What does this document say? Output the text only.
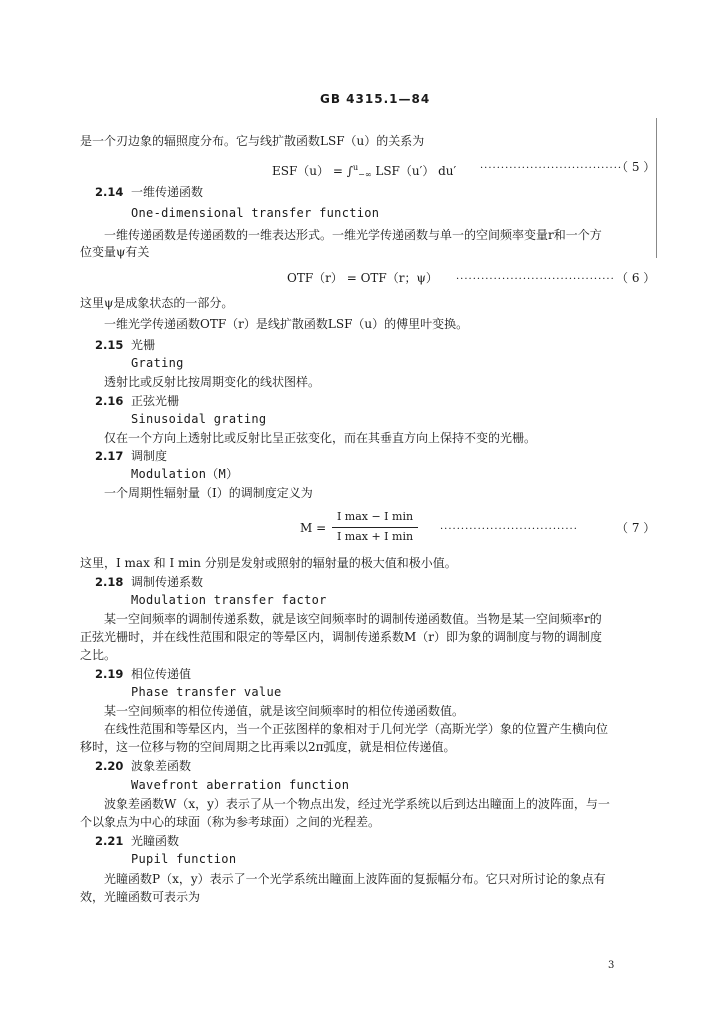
GB 4315.1—84
是一个刃边象的辐照度分布。它与线扩散函数LSF（u）的关系为
ESF（u） = ∫$^u_{-\infty}$ LSF（u′） du′ ··································
（ 5 ）
2.14 一维传递函数
One-dimensional transfer function
一维传递函数是传递函数的一维表达形式。一维光学传递函数与单一的空间频率变量r和一个方
位变量ψ有关
OTF（r） = OTF（r；ψ） ······································ （ 6 ）
这里ψ是成象状态的一部分。
一维光学传递函数OTF（r）是线扩散函数LSF（u）的傅里叶变换。
2.15 光栅
Grating
透射比或反射比按周期变化的线状图样。
2.16 正弦光栅
Sinusoidal grating
仅在一个方向上透射比或反射比呈正弦变化，而在其垂直方向上保持不变的光栅。
2.17 调制度
Modulation（M）
一个周期性辐射量（I）的调制度定义为
M =
I max − I min
I max + I min
·································	（ 7 ）
这里，I max 和 I min 分别是发射或照射的辐射量的极大值和极小值。
2.18 调制传递系数
Modulation transfer factor
某一空间频率的调制传递系数，就是该空间频率时的调制传递函数值。当物是某一空间频率r的
正弦光栅时，并在线性范围和限定的等晕区内，调制传递系数M（r）即为象的调制度与物的调制度
之比。
2.19 相位传递值
Phase transfer value
某一空间频率的相位传递值，就是该空间频率时的相位传递函数值。
在线性范围和等晕区内，当一个正弦图样的象相对于几何光学（高斯光学）象的位置产生横向位
移时，这一位移与物的空间周期之比再乘以2π弧度，就是相位传递值。
2.20 波象差函数
Wavefront aberration function
波象差函数W（x，y）表示了从一个物点出发，经过光学系统以后到达出瞳面上的波阵面，与一
个以象点为中心的球面（称为参考球面）之间的光程差。
2.21 光瞳函数
Pupil function
光瞳函数P（x，y）表示了一个光学系统出瞳面上波阵面的复振幅分布。它只对所讨论的象点有
效，光瞳函数可表示为
3
